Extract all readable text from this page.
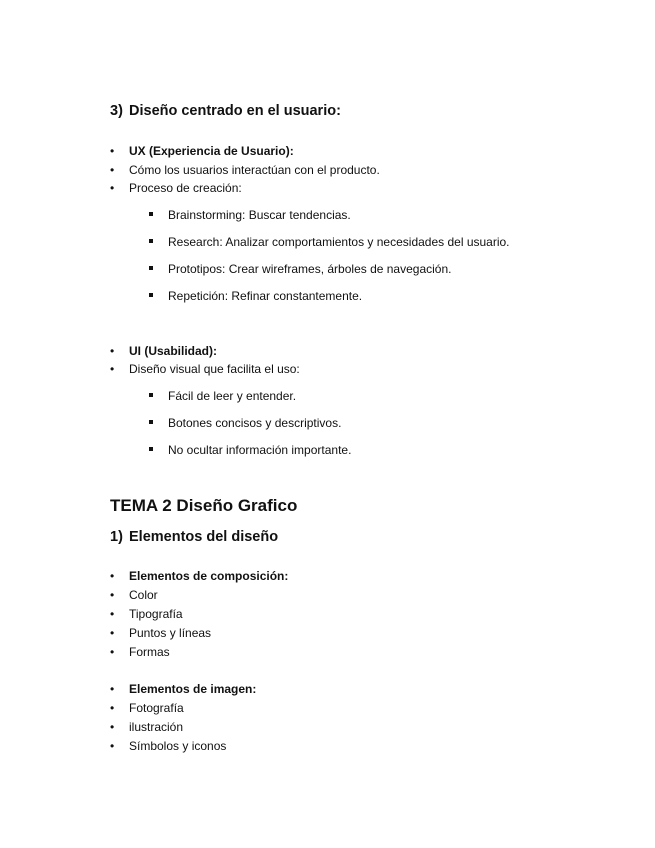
3) Diseño centrado en el usuario:
• UX (Experiencia de Usuario):
• Cómo los usuarios interactúan con el producto.
• Proceso de creación:
Brainstorming: Buscar tendencias.
Research: Analizar comportamientos y necesidades del usuario.
Prototipos: Crear wireframes, árboles de navegación.
Repetición: Refinar constantemente.
• UI (Usabilidad):
• Diseño visual que facilita el uso:
Fácil de leer y entender.
Botones concisos y descriptivos.
No ocultar información importante.
TEMA 2 Diseño Grafico
1) Elementos del diseño
• Elementos de composición:
• Color
• Tipografía
• Puntos y líneas
• Formas
• Elementos de imagen:
• Fotografía
• ilustración
• Símbolos y iconos
